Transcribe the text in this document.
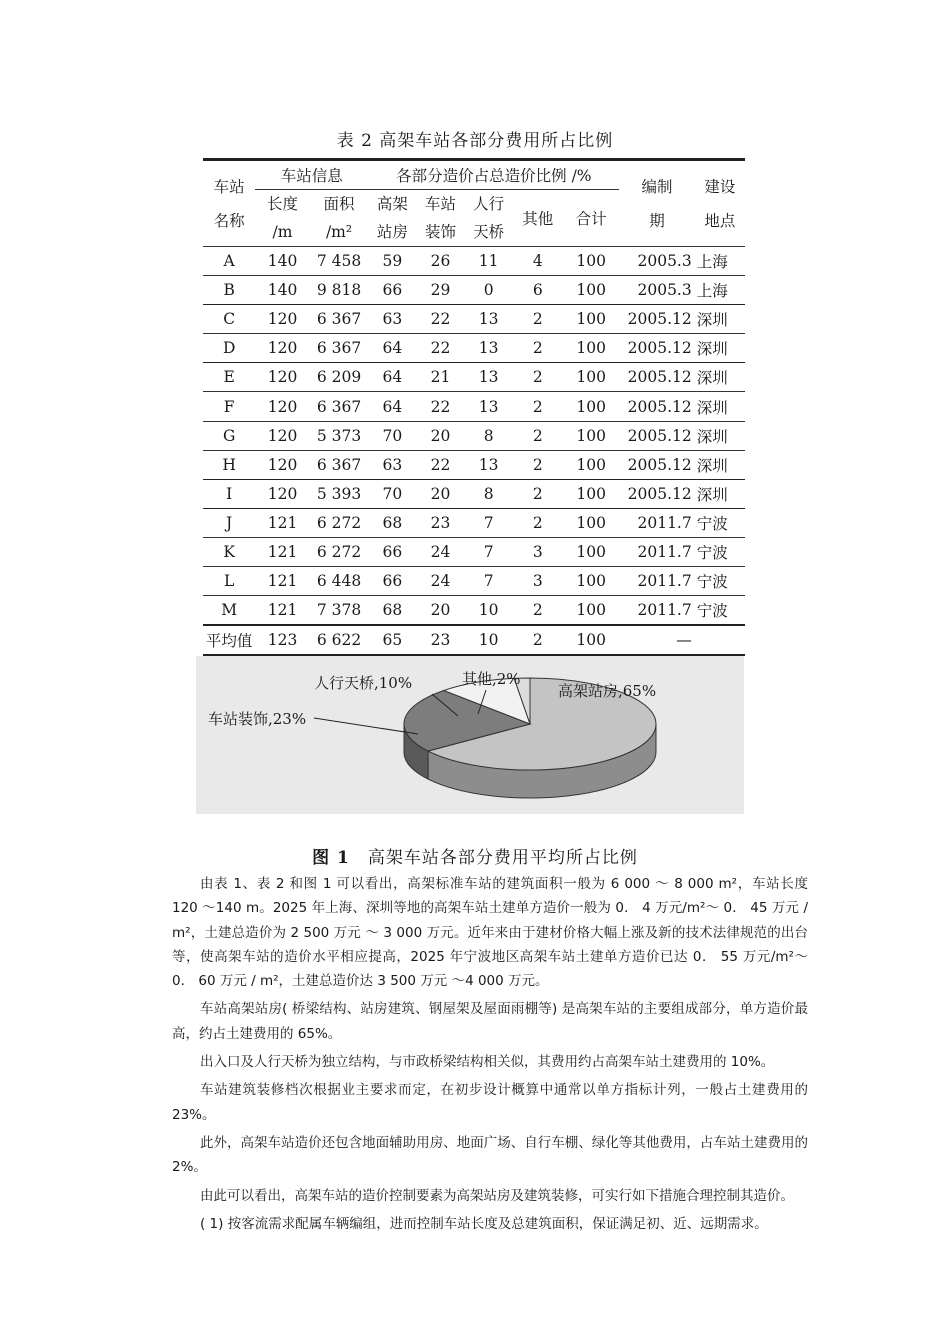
表 2 高架车站各部分费用所占比例
车站 名称	车站信息		各部分造价占总造价比例 /%					编制 期	建设 地点
	长度 /m	面积 /m²	高架 站房	车站 装饰	人行 天桥	其他	合计		

A	140	7 458	59	26	11	4	100	2005.3	上海
B	140	9 818	66	29	0	6	100	2005.3	上海
C	120	6 367	63	22	13	2	100	2005.12	深圳
D	120	6 367	64	22	13	2	100	2005.12	深圳
E	120	6 209	64	21	13	2	100	2005.12	深圳
F	120	6 367	64	22	13	2	100	2005.12	深圳
G	120	5 373	70	20	8	2	100	2005.12	深圳
H	120	6 367	63	22	13	2	100	2005.12	深圳
I	120	5 393	70	20	8	2	100	2005.12	深圳
J	121	6 272	68	23	7	2	100	2011.7	宁波
K	121	6 272	66	24	7	3	100	2011.7	宁波
L	121	6 448	66	24	7	3	100	2011.7	宁波
M	121	7 378	68	20	10	2	100	2011.7	宁波
平均值	123	6 622	65	23	10	2	100	—	
高架站房,65%
车站装饰,23%
人行天桥,10%	其他,2%
图 1 高架车站各部分费用平均所占比例

由表 1、表 2 和图 1 可以看出，高架标准车站的建筑面积一般为 6 000 ～ 8 000 m²，车站长度 120 ～140 m。2025 年上海、深圳等地的高架车站土建单方造价一般为 0． 4 万元/m²～ 0． 45 万元 / m²，土建总造价为 2 500 万元 ～ 3 000 万元。近年来由于建材价格大幅上涨及新的技术法律规范的出台等，使高架车站的造价水平相应提高，2025 年宁波地区高架车站土建单方造价已达 0． 55 万元/m²～ 0． 60 万元 / m²，土建总造价达 3 500 万元 ～4 000 万元。

车站高架站房( 桥梁结构、站房建筑、钢屋架及屋面雨棚等) 是高架车站的主要组成部分，单方造价最高，约占土建费用的 65%。

出入口及人行天桥为独立结构，与市政桥梁结构相关似，其费用约占高架车站土建费用的 10%。

车站建筑装修档次根据业主要求而定，在初步设计概算中通常以单方指标计列，一般占土建费用的 23%。

此外，高架车站造价还包含地面辅助用房、地面广场、自行车棚、绿化等其他费用，占车站土建费用的 2%。

由此可以看出，高架车站的造价控制要素为高架站房及建筑装修，可实行如下措施合理控制其造价。

( 1) 按客流需求配属车辆编组，进而控制车站长度及总建筑面积，保证满足初、近、远期需求。
